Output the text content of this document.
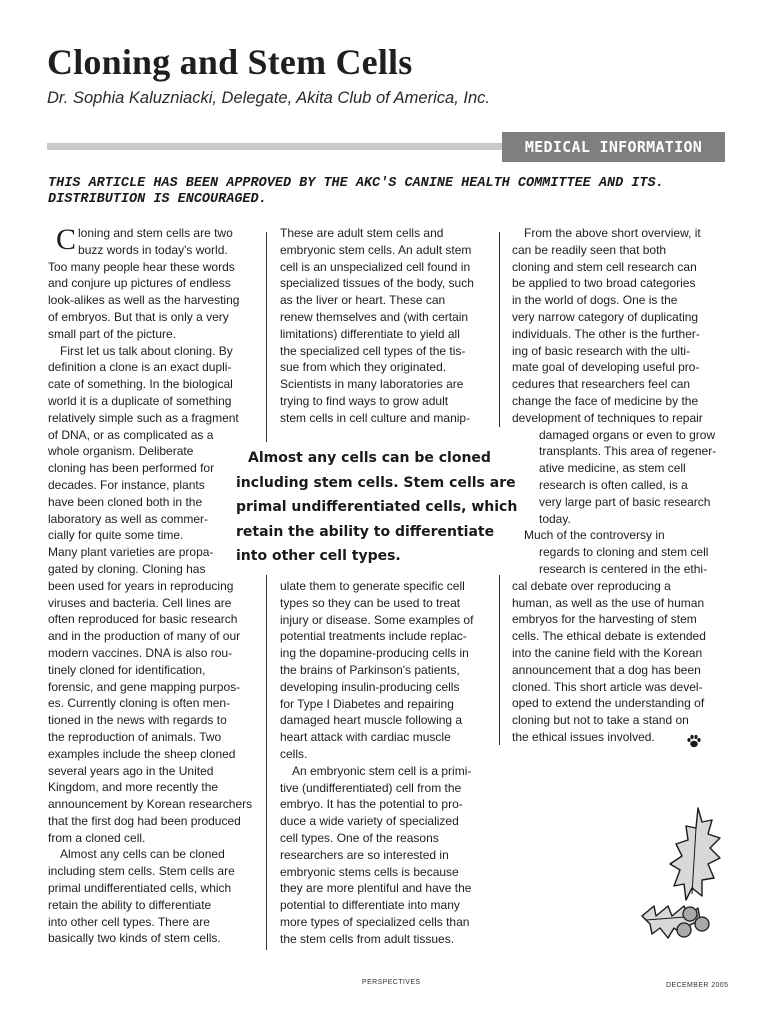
Cloning and Stem Cells

Dr. Sophia Kaluzniacki, Delegate, Akita Club of America, Inc.

MEDICAL INFORMATION

THIS ARTICLE HAS BEEN APPROVED BY THE AKC'S CANINE HEALTH COMMITTEE AND ITS.
DISTRIBUTION IS ENCOURAGED.

C loning and stem cells are two

buzz words in today's world.

Too many people hear these words

and conjure up pictures of endless

look-alikes as well as the harvesting

of embryos. But that is only a very

small part of the picture.

First let us talk about cloning. By

definition a clone is an exact dupli-

cate of something. In the biological

world it is a duplicate of something

relatively simple such as a fragment

of DNA, or as complicated as a

whole organism. Deliberate

cloning has been performed for

decades. For instance, plants

have been cloned both in the

laboratory as well as commer-

cially for quite some time.

Many plant varieties are propa-

gated by cloning. Cloning has

been used for years in reproducing

viruses and bacteria. Cell lines are

often reproduced for basic research

and in the production of many of our

modern vaccines. DNA is also rou-

tinely cloned for identification,

forensic, and gene mapping purpos-

es. Currently cloning is often men-

tioned in the news with regards to

the reproduction of animals. Two

examples include the sheep cloned

several years ago in the United

Kingdom, and more recently the

announcement by Korean researchers

that the first dog had been produced

from a cloned cell.

Almost any cells can be cloned

including stem cells. Stem cells are

primal undifferentiated cells, which

retain the ability to differentiate

into other cell types. There are

basically two kinds of stem cells.

These are adult stem cells and

embryonic stem cells. An adult stem

cell is an unspecialized cell found in

specialized tissues of the body, such

as the liver or heart. These can

renew themselves and (with certain

limitations) differentiate to yield all

the specialized cell types of the tis-

sue from which they originated.

Scientists in many laboratories are

trying to find ways to grow adult

stem cells in cell culture and manip-

ulate them to generate specific cell

types so they can be used to treat

injury or disease. Some examples of

potential treatments include replac-

ing the dopamine-producing cells in

the brains of Parkinson's patients,

developing insulin-producing cells

for Type I Diabetes and repairing

damaged heart muscle following a

heart attack with cardiac muscle

cells.

An embryonic stem cell is a primi-

tive (undifferentiated) cell from the

embryo. It has the potential to pro-

duce a wide variety of specialized

cell types. One of the reasons

researchers are so interested in

embryonic stems cells is because

they are more plentiful and have the

potential to differentiate into many

more types of specialized cells than

the stem cells from adult tissues.

From the above short overview, it

can be readily seen that both

cloning and stem cell research can

be applied to two broad categories

in the world of dogs. One is the

very narrow category of duplicating

individuals. The other is the further-

ing of basic research with the ulti-

mate goal of developing useful pro-

cedures that researchers feel can

change the face of medicine by the

development of techniques to repair

damaged organs or even to grow

transplants. This area of regener-

ative medicine, as stem cell

research is often called, is a

very large part of basic research

today.

Much of the controversy in

regards to cloning and stem cell

research is centered in the ethi-

cal debate over reproducing a

human, as well as the use of human

embryos for the harvesting of stem

cells. The ethical debate is extended

into the canine field with the Korean

announcement that a dog has been

cloned. This short article was devel-

oped to extend the understanding of

cloning but not to take a stand on

the ethical issues involved.

Almost any cells can be cloned
including stem cells. Stem cells are
primal undifferentiated cells, which
retain the ability to differentiate
into other cell types.
PERSPECTIVES	DECEMBER 2005
